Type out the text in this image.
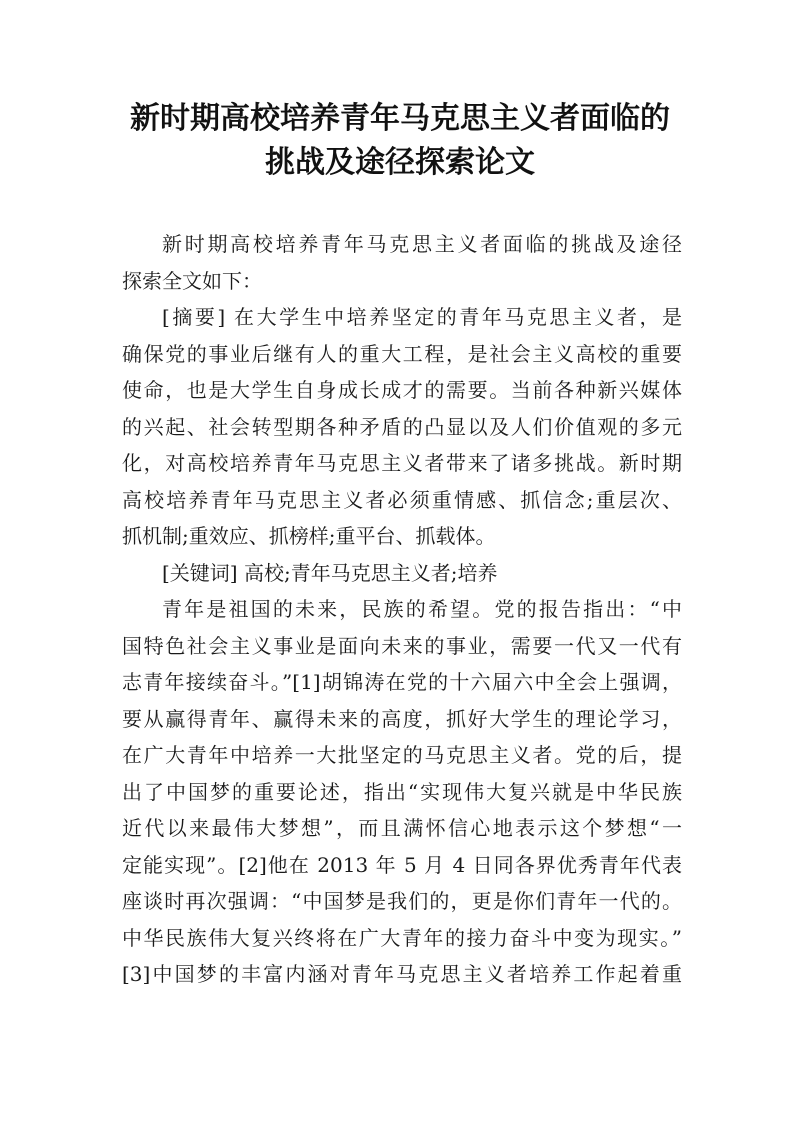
新时期高校培养青年马克思主义者面临的
挑战及途径探索论文
新时期高校培养青年马克思主义者面临的挑战及途径
探索全文如下：
[摘要] 在大学生中培养坚定的青年马克思主义者，是
确保党的事业后继有人的重大工程，是社会主义高校的重要
使命，也是大学生自身成长成才的需要。当前各种新兴媒体
的兴起、社会转型期各种矛盾的凸显以及人们价值观的多元
化，对高校培养青年马克思主义者带来了诸多挑战。新时期
高校培养青年马克思主义者必须重情感、抓信念;重层次、
抓机制;重效应、抓榜样;重平台、抓载体。
[关键词] 高校;青年马克思主义者;培养
青年是祖国的未来，民族的希望。党的报告指出：“中
国特色社会主义事业是面向未来的事业，需要一代又一代有
志青年接续奋斗。”[1]胡锦涛在党的十六届六中全会上强调，
要从赢得青年、赢得未来的高度，抓好大学生的理论学习，
在广大青年中培养一大批坚定的马克思主义者。党的后，提
出了中国梦的重要论述，指出“实现伟大复兴就是中华民族
近代以来最伟大梦想”，而且满怀信心地表示这个梦想“一
定能实现”。[2]他在 2013 年 5 月 4 日同各界优秀青年代表
座谈时再次强调：“中国梦是我们的，更是你们青年一代的。
中华民族伟大复兴终将在广大青年的接力奋斗中变为现实。”
[3]中国梦的丰富内涵对青年马克思主义者培养工作起着重
